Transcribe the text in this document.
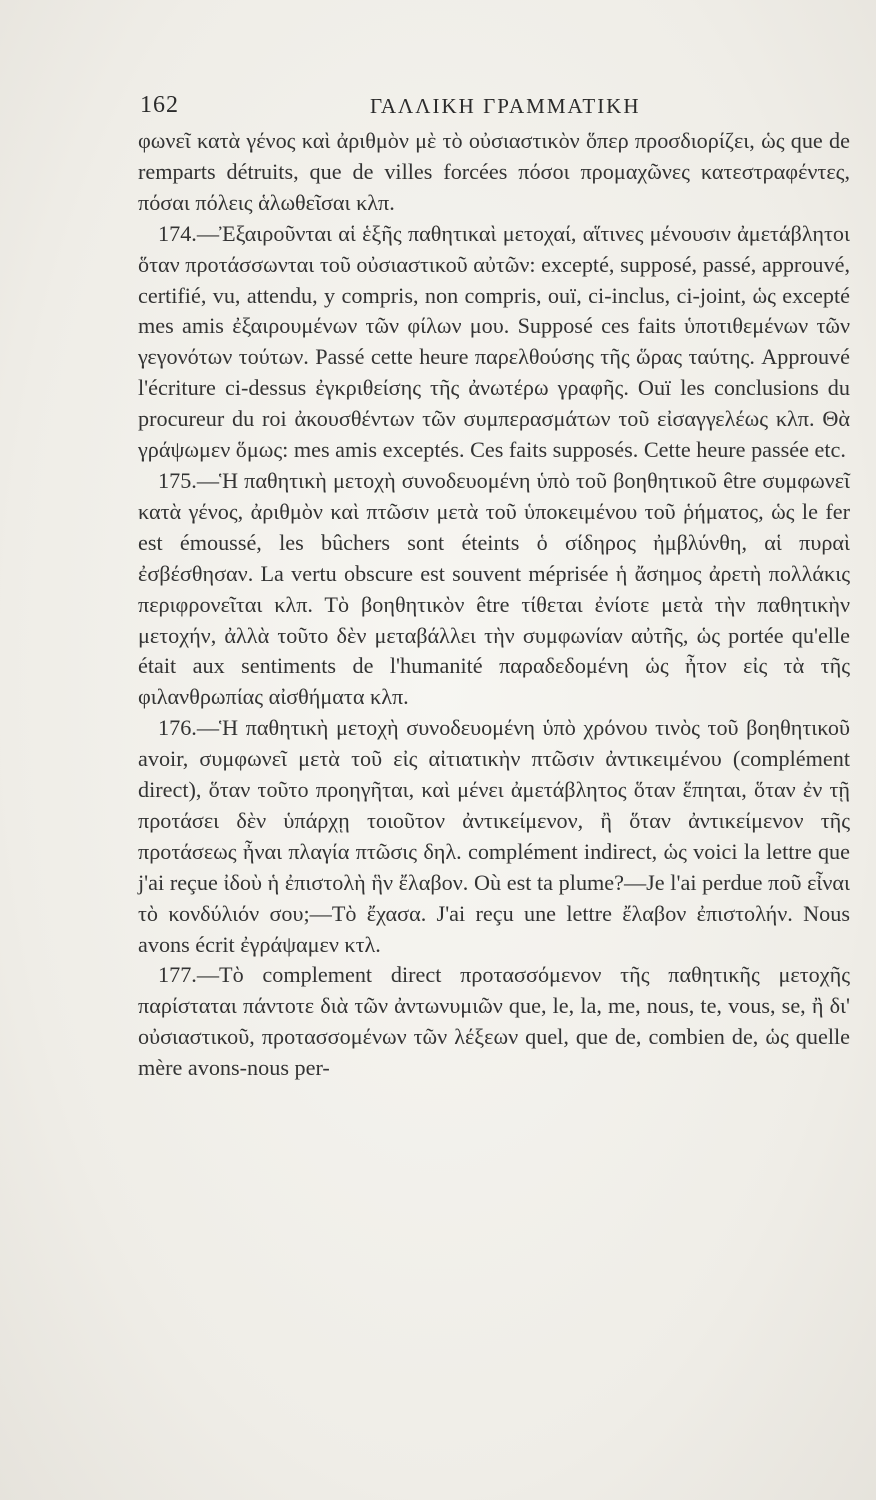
162	ΓΑΛΛΙΚΗ ΓΡΑΜΜΑΤΙΚΗ

φωνεῖ κατὰ γένος καὶ ἀριθμὸν μὲ τὸ οὐσιαστικὸν ὅπερ προσδιορίζει, ὡς que de remparts détruits, que de villes forcées πόσοι προμαχῶνες κατεστραφέντες, πόσαι πόλεις ἁλωθεῖσαι κλπ.

174.—Ἐξαιροῦνται αἱ ἑξῆς παθητικαὶ μετοχαί, αἵτινες μένουσιν ἀμετάβλητοι ὅταν προτάσσωνται τοῦ οὐσιαστικοῦ αὐτῶν: excepté, supposé, passé, approuvé, certifié, vu, attendu, y compris, non compris, ouï, ci-inclus, ci-joint, ὡς excepté mes amis ἐξαιρουμένων τῶν φίλων μου. Supposé ces faits ὑποτιθεμένων τῶν γεγονότων τούτων. Passé cette heure παρελθούσης τῆς ὥρας ταύτης. Approuvé l'écriture ci-dessus ἐγκριθείσης τῆς ἀνωτέρω γραφῆς. Ouï les conclusions du procureur du roi ἀκουσθέντων τῶν συμπερασμάτων τοῦ εἰσαγγελέως κλπ. Θὰ γράψωμεν ὅμως: mes amis exceptés. Ces faits supposés. Cette heure passée etc.

175.—Ἡ παθητικὴ μετοχὴ συνοδευομένη ὑπὸ τοῦ βοηθητικοῦ être συμφωνεῖ κατὰ γένος, ἀριθμὸν καὶ πτῶσιν μετὰ τοῦ ὑποκειμένου τοῦ ῥήματος, ὡς le fer est émoussé, les bûchers sont éteints ὁ σίδηρος ἠμβλύνθη, αἱ πυραὶ ἐσβέσθησαν. La vertu obscure est souvent méprisée ἡ ἄσημος ἀρετὴ πολλάκις περιφρονεῖται κλπ. Τὸ βοηθητικὸν être τίθεται ἐνίοτε μετὰ τὴν παθητικὴν μετοχήν, ἀλλὰ τοῦτο δὲν μεταβάλλει τὴν συμφωνίαν αὐτῆς, ὡς portée qu'elle était aux sentiments de l'humanité παραδεδομένη ὡς ἦτον εἰς τὰ τῆς φιλανθρωπίας αἰσθήματα κλπ.

176.—Ἡ παθητικὴ μετοχὴ συνοδευομένη ὑπὸ χρόνου τινὸς τοῦ βοηθητικοῦ avoir, συμφωνεῖ μετὰ τοῦ εἰς αἰτιατικὴν πτῶσιν ἀντικειμένου (complément direct), ὅταν τοῦτο προηγῆται, καὶ μένει ἀμετάβλητος ὅταν ἕπηται, ὅταν ἐν τῇ προτάσει δὲν ὑπάρχῃ τοιοῦτον ἀντικείμενον, ἢ ὅταν ἀντικείμενον τῆς προτάσεως ἦναι πλαγία πτῶσις δηλ. complément indirect, ὡς voici la lettre que j'ai reçue ἰδοὺ ἡ ἐπιστολὴ ἣν ἔλαβον. Où est ta plume?—Je l'ai perdue ποῦ εἶναι τὸ κονδύλιόν σου;—Τὸ ἔχασα. J'ai reçu une lettre ἔλαβον ἐπιστολήν. Nous avons écrit ἐγράψαμεν κτλ.

177.—Τὸ complement direct προτασσόμενον τῆς παθητικῆς μετοχῆς παρίσταται πάντοτε διὰ τῶν ἀντωνυμιῶν que, le, la, me, nous, te, vous, se, ἢ δι' οὐσιαστικοῦ, προτασσομένων τῶν λέξεων quel, que de, combien de, ὡς quelle mère avons-nous per-
